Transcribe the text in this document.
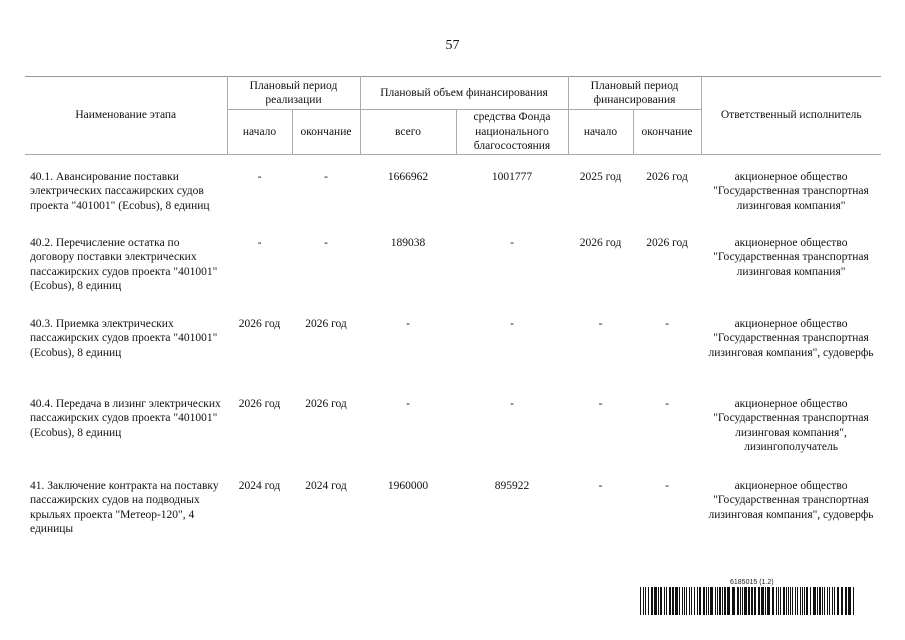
57
Наименование этапа	Плановый период реализации		Плановый объем финансирования		Плановый период финансирования		Ответственный исполнитель
	начало	окончание	всего	средства Фонда национального благосостояния	начало	окончание	

40.1. Авансирование поставки электрических пассажирских судов проекта "401001" (Ecobus), 8 единиц	-	-	1666962	1001777	2025 год	2026 год	акционерное общество "Государственная транспортная лизинговая компания"
40.2. Перечисление остатка по договору поставки электрических пассажирских судов проекта "401001" (Ecobus), 8 единиц	-	-	189038	-	2026 год	2026 год	акционерное общество "Государственная транспортная лизинговая компания"
40.3. Приемка электрических пассажирских судов проекта "401001" (Ecobus), 8 единиц	2026 год	2026 год	-	-	-	-	акционерное общество "Государственная транспортная лизинговая компания", судоверфь
40.4. Передача в лизинг электрических пассажирских судов проекта "401001" (Ecobus), 8 единиц	2026 год	2026 год	-	-	-	-	акционерное общество "Государственная транспортная лизинговая компания", лизингополучатель
41. Заключение контракта на поставку пассажирских судов на подводных крыльях проекта "Метеор-120", 4 единицы	2024 год	2024 год	1960000	895922	-	-	акционерное общество "Государственная транспортная лизинговая компания", судоверфь
6185015 (1.2)
